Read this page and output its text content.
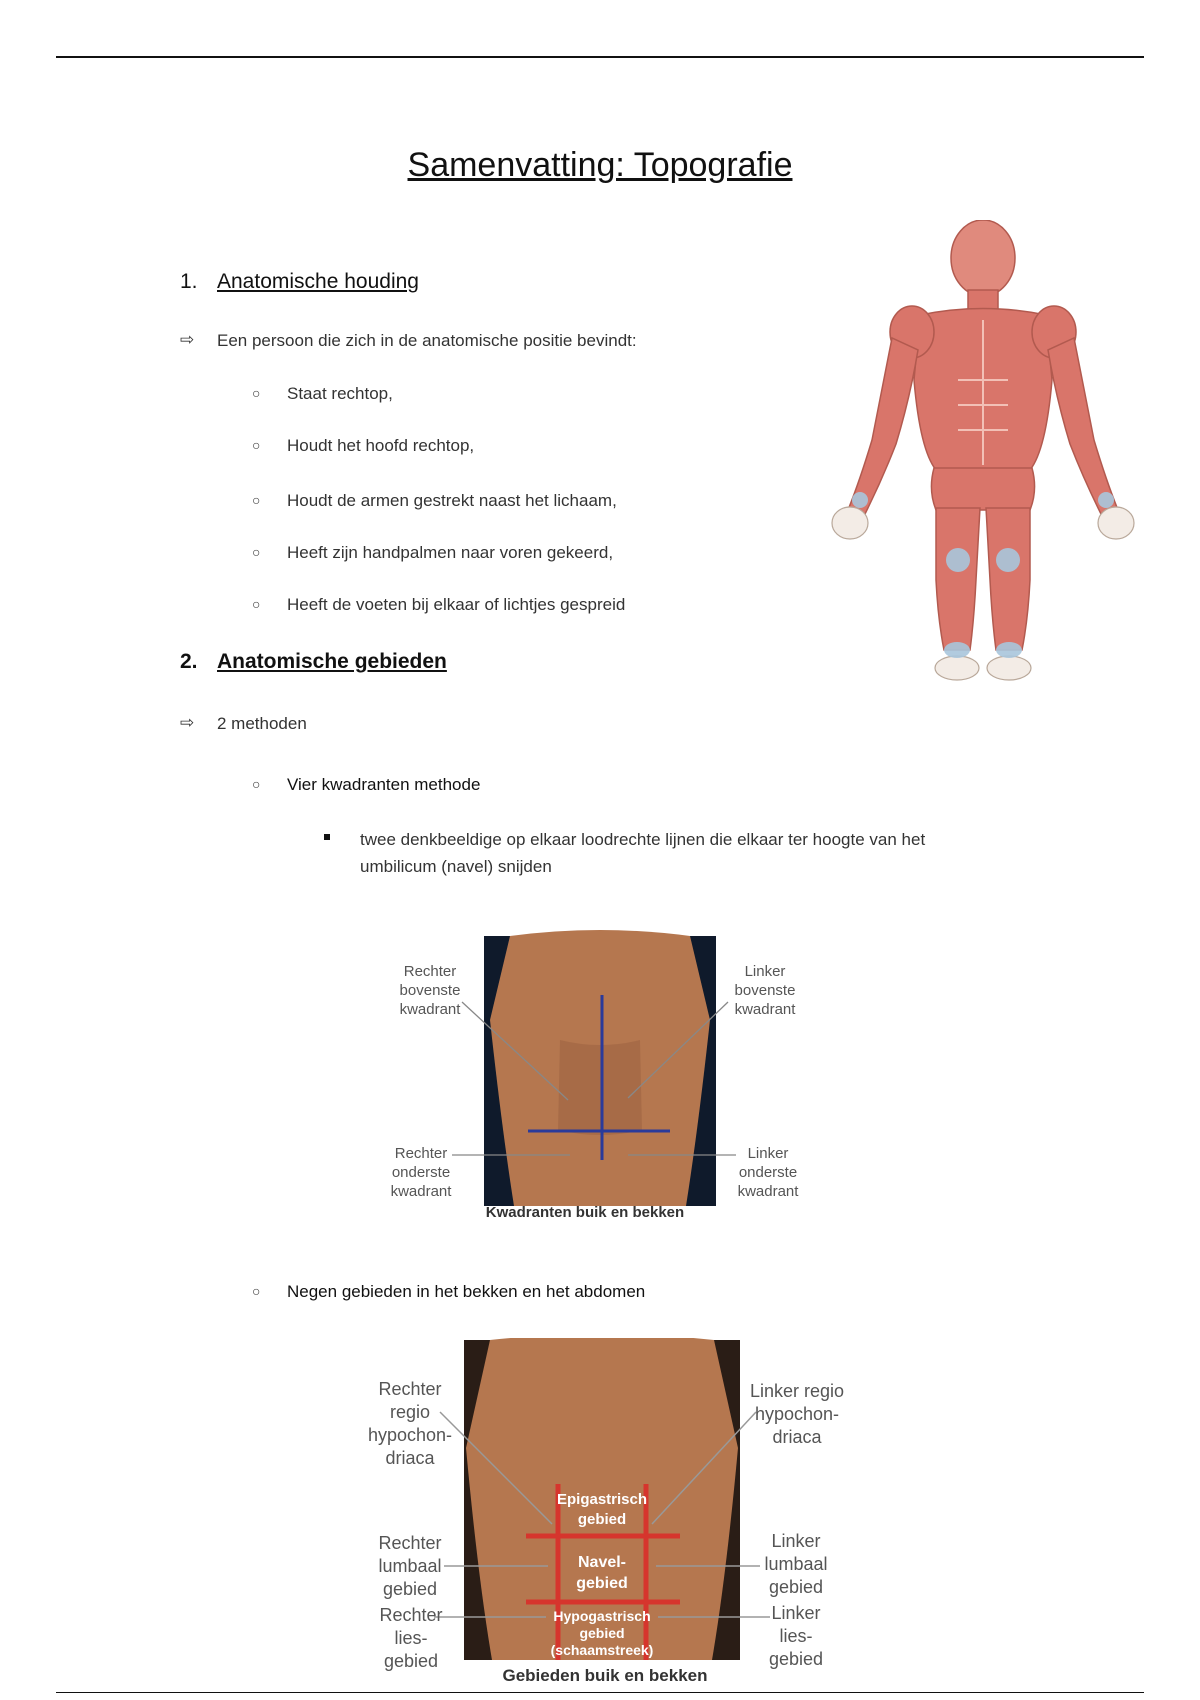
Samenvatting: Topografie
1. Anatomische houding
⇨ Een persoon die zich in de anatomische positie bevindt:
○ Staat rechtop,
○ Houdt het hoofd rechtop,
○ Houdt de armen gestrekt naast het lichaam,
○ Heeft zijn handpalmen naar voren gekeerd,
○ Heeft de voeten bij elkaar of lichtjes gespreid
2. Anatomische gebieden
⇨ 2 methoden
○ Vier kwadranten methode
twee denkbeeldige op elkaar loodrechte lijnen die elkaar ter hoogte van het umbilicum (navel) snijden
Rechter bovenste kwadrant
Linker bovenste kwadrant
Rechter onderste kwadrant
Linker onderste kwadrant
Kwadranten buik en bekken
○ Negen gebieden in het bekken en het abdomen
Rechter regio hypochon- driaca
Linker regio hypochon- driaca
Rechter lumbaal gebied
Linker lumbaal gebied
Rechter lies- gebied
Linker lies- gebied
Epigastrisch gebied
Navel- gebied
Hypogastrisch gebied (schaamstreek)
Gebieden buik en bekken
